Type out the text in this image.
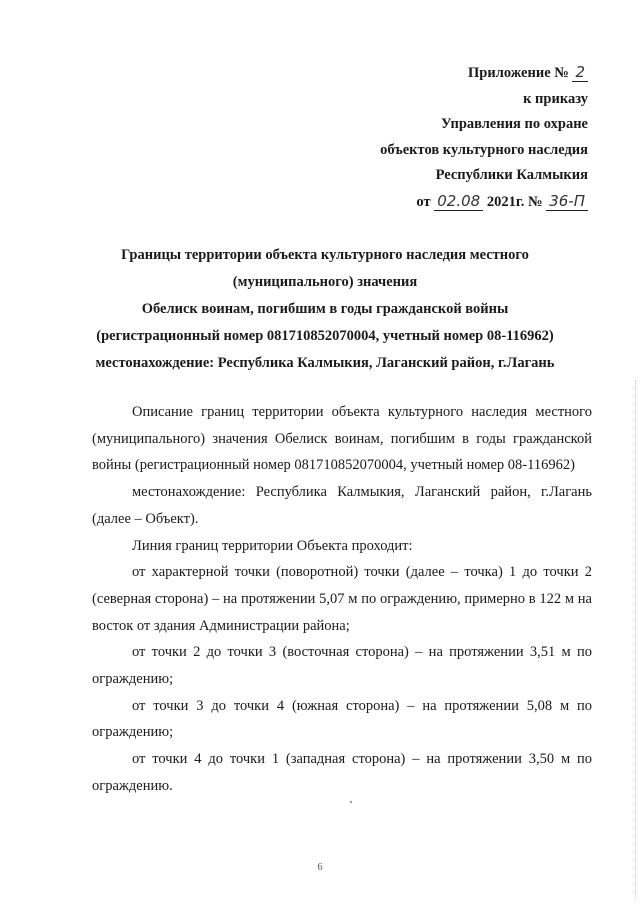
Приложение № 2
к приказу
Управления по охране
объектов культурного наследия
Республики Калмыкия
от 02.08 2021г. № 36-П
Границы территории объекта культурного наследия местного
(муниципального) значения
Обелиск воинам, погибшим в годы гражданской войны
(регистрационный номер 081710852070004, учетный номер 08-116962)
местонахождение: Республика Калмыкия, Лаганский район, г.Лагань

Описание границ территории объекта культурного наследия местного (муниципального) значения Обелиск воинам, погибшим в годы гражданской войны (регистрационный номер 081710852070004, учетный номер 08-116962)

местонахождение: Республика Калмыкия, Лаганский район, г.Лагань (далее – Объект).

Линия границ территории Объекта проходит:

от характерной точки (поворотной) точки (далее – точка) 1 до точки 2 (северная сторона) – на протяжении 5,07 м по ограждению, примерно в 122 м на восток от здания Администрации района;

от точки 2 до точки 3 (восточная сторона) – на протяжении 3,51 м по ограждению;

от точки 3 до точки 4 (южная сторона) – на протяжении 5,08 м по ограждению;

от точки 4 до точки 1 (западная сторона) – на протяжении 3,50 м по ограждению.

6
